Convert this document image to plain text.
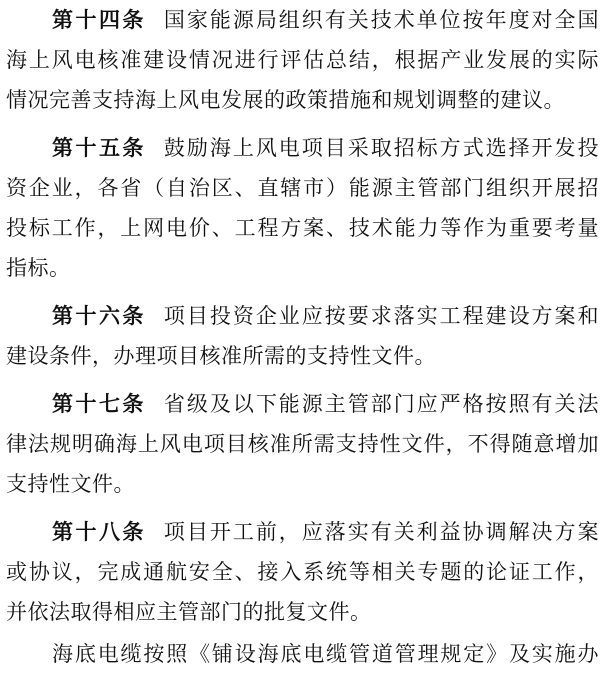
第十四条 国家能源局组织有关技术单位按年度对全国
海上风电核准建设情况进行评估总结，根据产业发展的实际
情况完善支持海上风电发展的政策措施和规划调整的建议。
第十五条 鼓励海上风电项目采取招标方式选择开发投
资企业，各省（自治区、直辖市）能源主管部门组织开展招
投标工作，上网电价、工程方案、技术能力等作为重要考量
指标。
第十六条 项目投资企业应按要求落实工程建设方案和
建设条件，办理项目核准所需的支持性文件。
第十七条 省级及以下能源主管部门应严格按照有关法
律法规明确海上风电项目核准所需支持性文件，不得随意增加
支持性文件。
第十八条 项目开工前，应落实有关利益协调解决方案
或协议，完成通航安全、接入系统等相关专题的论证工作，
并依法取得相应主管部门的批复文件。
海底电缆按照《铺设海底电缆管道管理规定》及实施办
